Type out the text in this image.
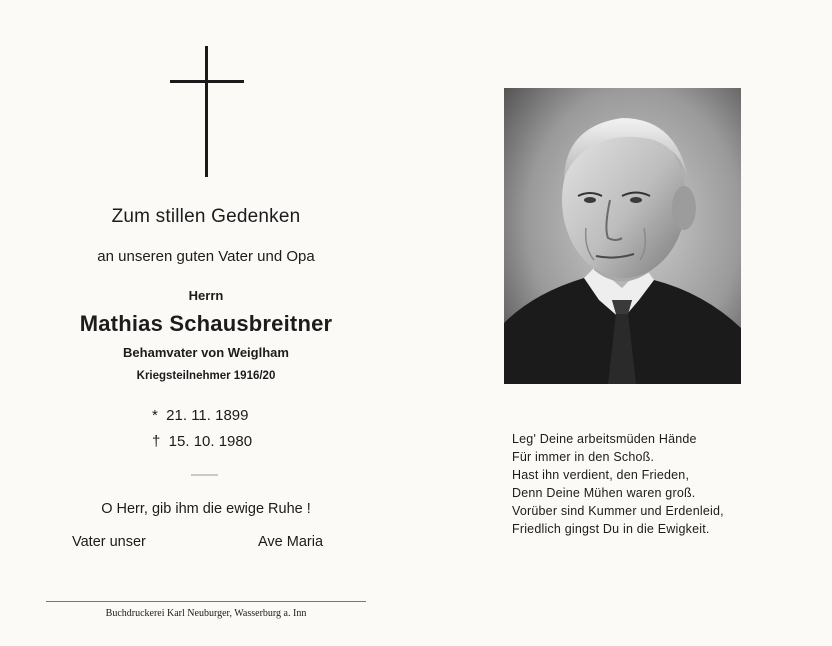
Zum stillen Gedenken
an unseren guten Vater und Opa
Herrn
Mathias Schausbreitner
Behamvater von Weiglham
Kriegsteilnehmer 1916/20
*  21. 11. 1899
†  15. 10. 1980
O Herr, gib ihm die ewige Ruhe !
Vater unser	Ave Maria
Buchdruckerei Karl Neuburger, Wasserburg a. Inn
Leg' Deine arbeitsmüden Hände
Für immer in den Schoß.
Hast ihn verdient, den Frieden,
Denn Deine Mühen waren groß.
Vorüber sind Kummer und Erdenleid,
Friedlich gingst Du in die Ewigkeit.
